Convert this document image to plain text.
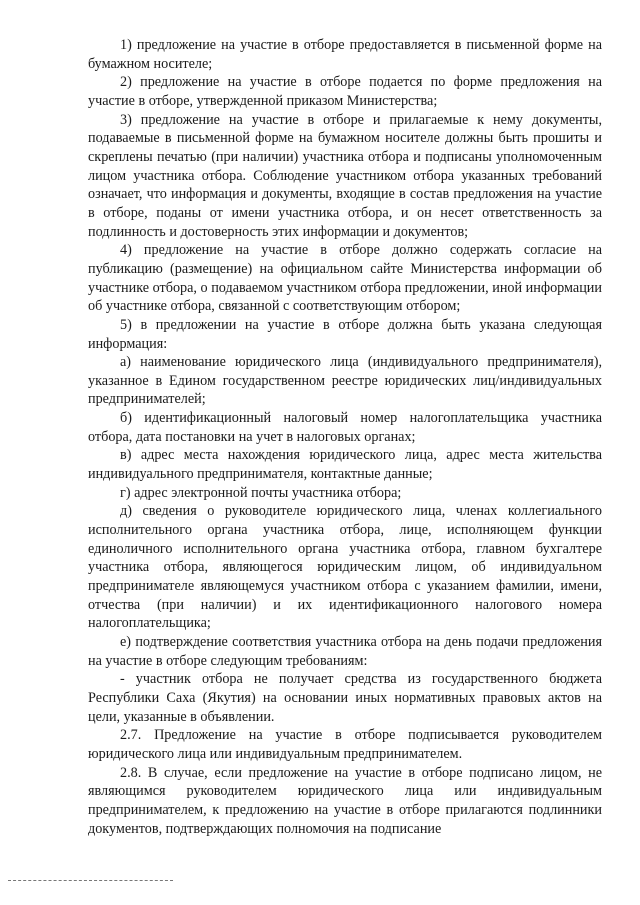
1) предложение на участие в отборе предоставляется в письменной форме на бумажном носителе;

2) предложение на участие в отборе подается по форме предложения на участие в отборе, утвержденной приказом Министерства;

3) предложение на участие в отборе и прилагаемые к нему документы, подаваемые в письменной форме на бумажном носителе должны быть прошиты и скреплены печатью (при наличии) участника отбора и подписаны уполномоченным лицом участника отбора. Соблюдение участником отбора указанных требований означает, что информация и документы, входящие в состав предложения на участие в отборе, поданы от имени участника отбора, и он несет ответственность за подлинность и достоверность этих информации и документов;

4) предложение на участие в отборе должно содержать согласие на публикацию (размещение) на официальном сайте Министерства информации об участнике отбора, о подаваемом участником отбора предложении, иной информации об участнике отбора, связанной с соответствующим отбором;

5) в предложении на участие в отборе должна быть указана следующая информация:

а) наименование юридического лица (индивидуального предпринимателя), указанное в Едином государственном реестре юридических лиц/индивидуальных предпринимателей;

б) идентификационный налоговый номер налогоплательщика участника отбора, дата постановки на учет в налоговых органах;

в) адрес места нахождения юридического лица, адрес места жительства индивидуального предпринимателя, контактные данные;

г) адрес электронной почты участника отбора;

д) сведения о руководителе юридического лица, членах коллегиального исполнительного органа участника отбора, лице, исполняющем функции единоличного исполнительного органа участника отбора, главном бухгалтере участника отбора, являющегося юридическим лицом, об индивидуальном предпринимателе являющемуся участником отбора с указанием фамилии, имени, отчества (при наличии) и их идентификационного налогового номера налогоплательщика;

е) подтверждение соответствия участника отбора на день подачи предложения на участие в отборе следующим требованиям:

- участник отбора не получает средства из государственного бюджета Республики Саха (Якутия) на основании иных нормативных правовых актов на цели, указанные в объявлении.

2.7. Предложение на участие в отборе подписывается руководителем юридического лица или индивидуальным предпринимателем.

2.8. В случае, если предложение на участие в отборе подписано лицом, не являющимся руководителем юридического лица или индивидуальным предпринимателем, к предложению на участие в отборе прилагаются подлинники документов, подтверждающих полномочия на подписание
